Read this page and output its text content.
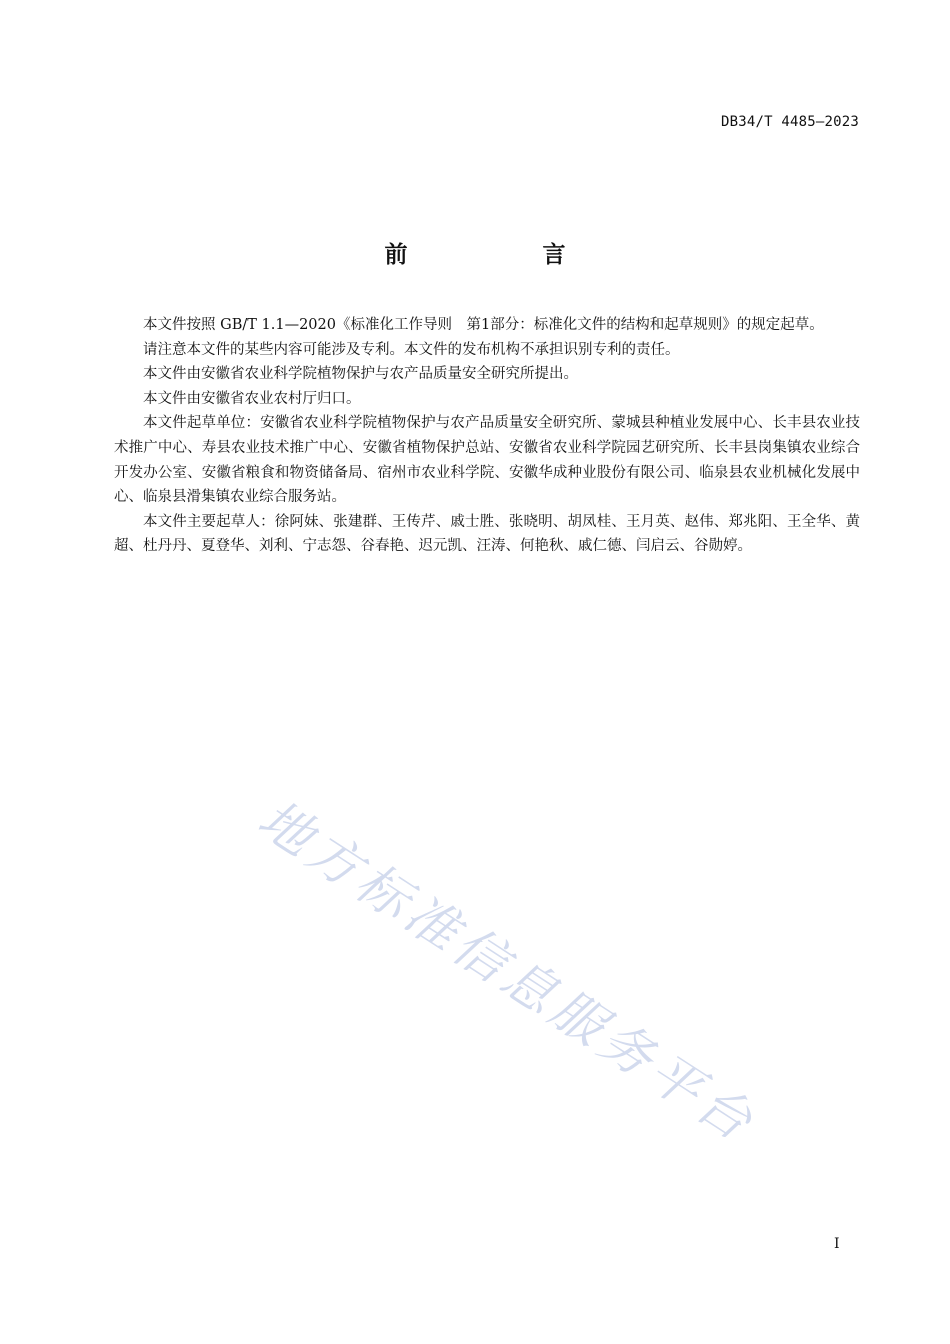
DB34/T 4485—2023
前　言

本文件按照 GB/T 1.1—2020《标准化工作导则　第1部分：标准化文件的结构和起草规则》的规定起草。

请注意本文件的某些内容可能涉及专利。本文件的发布机构不承担识别专利的责任。

本文件由安徽省农业科学院植物保护与农产品质量安全研究所提出。

本文件由安徽省农业农村厅归口。

本文件起草单位：安徽省农业科学院植物保护与农产品质量安全研究所、蒙城县种植业发展中心、长丰县农业技术推广中心、寿县农业技术推广中心、安徽省植物保护总站、安徽省农业科学院园艺研究所、长丰县岗集镇农业综合开发办公室、安徽省粮食和物资储备局、宿州市农业科学院、安徽华成种业股份有限公司、临泉县农业机械化发展中心、临泉县滑集镇农业综合服务站。

本文件主要起草人：徐阿妹、张建群、王传芹、戚士胜、张晓明、胡凤桂、王月英、赵伟、郑兆阳、王全华、黄超、杜丹丹、夏登华、刘利、宁志怨、谷春艳、迟元凯、汪涛、何艳秋、戚仁德、闫启云、谷勋婷。

地方标准信息服务平台
I
